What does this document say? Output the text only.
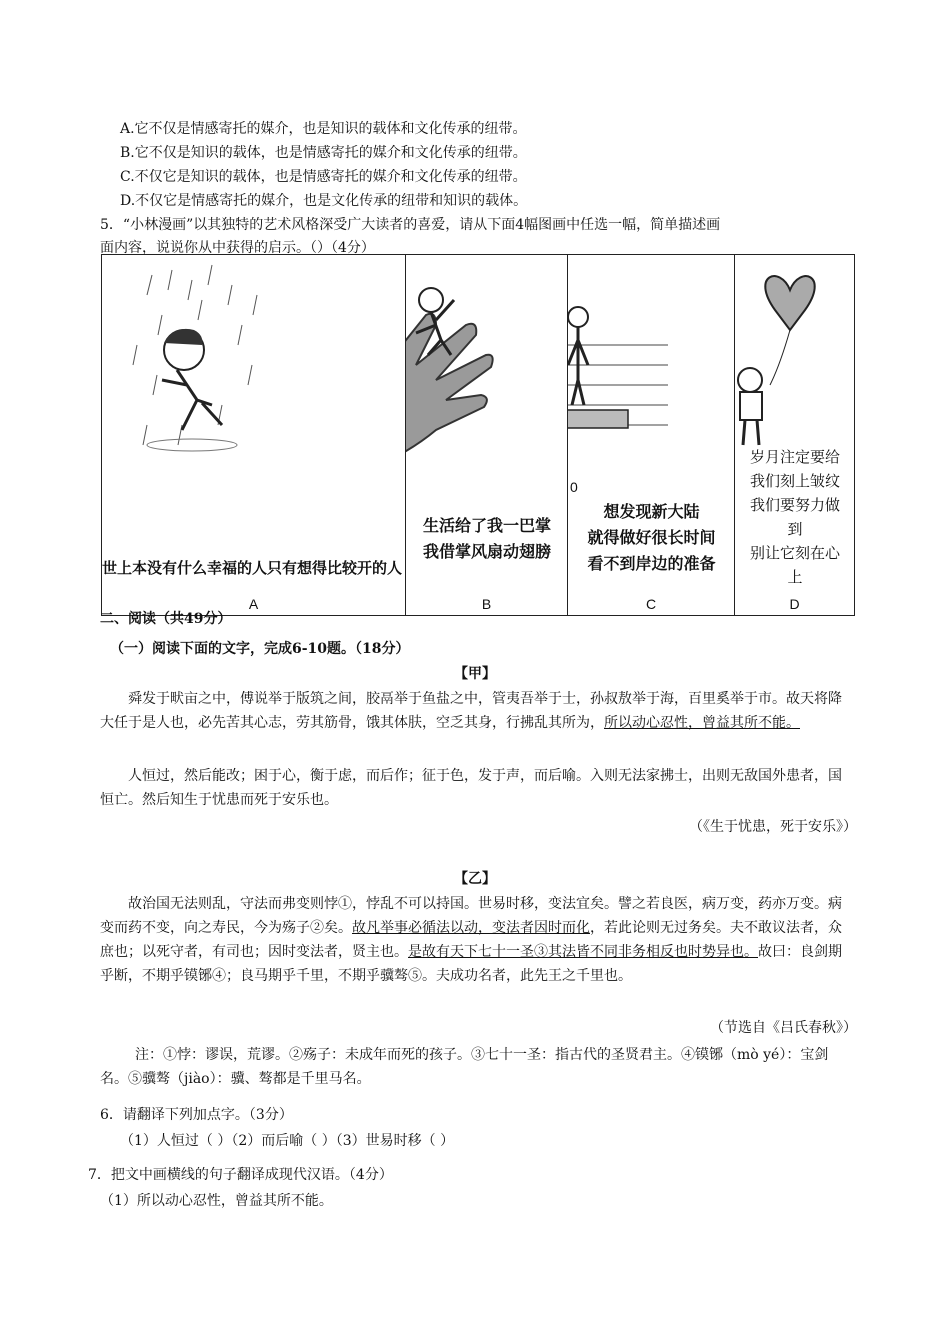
A.它不仅是情感寄托的媒介，也是知识的载体和文化传承的纽带。
B.它不仅是知识的载体，也是情感寄托的媒介和文化传承的纽带。
C.不仅它是知识的载体，也是情感寄托的媒介和文化传承的纽带。
D.不仅它是情感寄托的媒介，也是文化传承的纽带和知识的载体。
5．“小林漫画”以其独特的艺术风格深受广大读者的喜爱，请从下面4幅图画中任选一幅，简单描述画
面内容，说说你从中获得的启示。（）（4分）
世上本没有什么幸福的人只有想得比较开的人
A

生活给了我一巴掌
我借掌风扇动翅膀
B

0
想发现新大陆
就得做好很长时间
看不到岸边的准备
C

岁月注定要给
我们刻上皱纹
我们要努力做
到
别让它刻在心
上
D
二、阅读（共49分）
（一）阅读下面的文字，完成6-10题。（18分）
【甲】
舜发于畎亩之中，傅说举于版筑之间，胶鬲举于鱼盐之中，管夷吾举于士，孙叔敖举于海，百里奚举于市。故天将降大任于是人也，必先苦其心志，劳其筋骨，饿其体肤，空乏其身，行拂乱其所为，所以动心忍性，曾益其所不能。
人恒过，然后能改；困于心，衡于虑，而后作；征于色，发于声，而后喻。入则无法家拂士，出则无敌国外患者，国恒亡。然后知生于忧患而死于安乐也。
（《生于忧患，死于安乐》）
【乙】
故治国无法则乱，守法而弗变则悖①，悖乱不可以持国。世易时移，变法宜矣。譬之若良医，病万变，药亦万变。病变而药不变，向之寿民，今为殇子②矣。故凡举事必循法以动，变法者因时而化，若此论则无过务矣。夫不敢议法者，众庶也；以死守者，有司也；因时变法者，贤主也。是故有天下七十一圣③其法皆不同非务相反也时势异也。故曰：良剑期乎断，不期乎镆铘④；良马期乎千里，不期乎骥骜⑤。夫成功名者，此先王之千里也。
（节选自《吕氏春秋》）
注：①悖：谬误，荒谬。②殇子：未成年而死的孩子。③七十一圣：指古代的圣贤君主。④镆铘（mò yé）：宝剑名。⑤骥骜（jiào）：骥、骜都是千里马名。
6．请翻译下列加点字。（3分）
（1）人恒过（ ）（2）而后喻（ ）（3）世易时移（ ）
7．把文中画横线的句子翻译成现代汉语。（4分）
（1）所以动心忍性，曾益其所不能。
